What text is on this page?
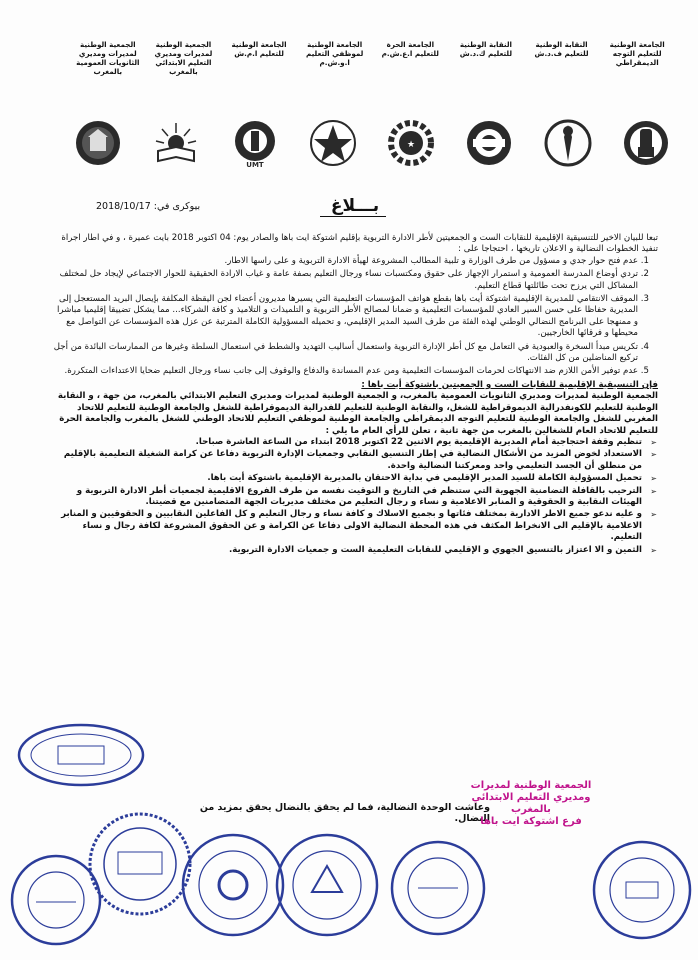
الجامعة الوطنية للتعليم التوجه الديمقراطي
النقابة الوطنية للتعليم ف.د.ش
النقابة الوطنية للتعليم ك.د.ش
الجامعة الحرة للتعليم ا.ع.ش.م
الجامعة الوطنية لموظفي التعليم ا.و.ش.م
الجامعة الوطنية للتعليم ا.م.ش
الجمعية الوطنية لمديرات ومديري التعليم الابتدائي بالمغرب
الجمعية الوطنية لمديرات ومديري الثانويات العمومية بالمغرب
★
UMT
بيوكرى في: 2018/10/17	بـــلاغ

تبعا للبيان الاخير للتنسيقية الإقليمية للنقابات الست و الجمعيتين لأطر الادارة التربوية بإقليم اشتوكة ايت باها والصادر يوم: 04 اكتوبر 2018 بايت عميرة ، و في اطار اجراة تنفيذ الخطوات النضالية و الاعلان تاريخها ، احتجاجا على :

1. عدم فتح حوار جدي و مسؤول من طرف الوزارة و تلبية المطالب المشروعة لهيأة الادارة التربوية و على راسها الاطار.
2. تردي أوضاع المدرسة العمومية و استمرار الإجهاز على حقوق ومكتسبات نساء ورجال التعليم بصفة عامة و غياب الارادة الحقيقية للحوار الاجتماعي لإيجاد حل لمختلف المشاكل التي يرزح تحت طائلتها قطاع التعليم.
3. الموقف الانتقامي للمديرية الإقليمية اشتوكة أيت باها بقطع هواتف المؤسسات التعليمية التي يسيرها مديرون أعضاء لجن اليقظة المكلفة بإيصال البريد المستعجل إلى المديرية حفاظا على حسن السير العادي للمؤسسات التعليمية و ضمانا لمصالح الأطر التربوية و التلميذات و التلاميذ و كافة الشركاء... مما يشكل تضييقا إقليميا مباشرا و ممنهجا على البرنامج النضالي الوطني لهذه الفئة من طرف السيد المدير الإقليمي، و تحميله المسؤولية الكاملة المترتبة عن عزل هذه المؤسسات عن التواصل مع محيطها و فرقائها الخارجيين.
4. تكريس مبدأ السخرة والعبودية في التعامل مع كل أطر الإدارة التربوية واستعمال أساليب التهديد والشطط في استعمال السلطة وغيرها من الممارسات البائدة من أجل تركيع المناضلين من كل الفئات.
5. عدم توفير الأمن اللازم ضد الانتهاكات لحرمات المؤسسات التعليمية ومن عدم المساندة والدفاع والوقوف إلى جانب نساء ورجال التعليم ضحايا الاعتداءات المتكررة.

فإن التنسيقية الإقليمية للنقابات الست و الجمعيتين باشتوكة أيت باها :

الجمعية الوطنية لمديرات ومديري الثانويات العمومية بالمغرب، و الجمعية الوطنية لمديرات ومديري التعليم الابتدائي بالمغرب، من جهة ، و النقابة الوطنية للتعليم للكونفدرالية الديموقراطية للشغل، والنقابة الوطنية للتعليم للفدرالية الديموقراطية للشغل والجامعة الوطنية للتعليم للاتحاد المغربي للشغل والجامعة الوطنية للتعليم التوجه الديمقراطي والجامعة الوطنية لموظفي التعليم للاتحاد الوطني للشغل بالمغرب والجامعة الحرة للتعليم للاتحاد العام للشغالين بالمغرب من جهة ثانية ، تعلن للرأي العام ما يلي :

➢ تنظيم وقفة احتجاجية أمام المديرية الإقليمية يوم الاثنين 22 اكتوبر 2018 ابتداء من الساعة العاشرة صباحا.
➢ الاستعداد لخوض المزيد من الأشكال النضالية في إطار التنسيق النقابي وجمعيات الإدارة التربوية دفاعا عن كرامة الشغيلة التعليمية بالإقليم من منطلق أن الجسد التعليمي واحد ومعركتنا النضالية واحدة.
➢ تحميل المسؤولية الكاملة للسيد المدير الإقليمي في بداية الاحتقان بالمديرية الإقليمية باشتوكة أيت باها.
➢ الترحيب بالقافلة التضامنية الجهوية التي ستنظم في التاريخ و التوقيت نفسه من طرف الفروع الاقليمية لجمعيات أطر الادارة التربوية و الهيئات النقابية و الحقوقية و المنابر الاعلامية و نساء و رجال التعليم من مختلف مديريات الجهة المتضامنين مع قضيتنا.
➢ و عليه ندعو جميع الاطر الادارية بمختلف فئاتها و بجميع الاسلاك و كافة نساء و رجال التعليم و كل الفاعلين النقابيين و الحقوقيين و المنابر الاعلامية بالإقليم الى الانخراط المكثف في هذه المحطة النضالية الاولى دفاعا عن الكرامة و عن الحقوق المشروعة لكافة رجال و نساء التعليم.
➢ الثمين و الا اعتزاز بالتنسيق الجهوي و الإقليمي للنقابات التعليمية الست و جمعيات الادارة التربوية.
وعاشت الوحدة النضالية، فما لم يحقق بالنضال يحقق بمزيد من النضال.
الجمعية الوطنية لمديرات
ومديري التعليم الابتدائي بالمغرب
فرع اشتوكة ايت باها
